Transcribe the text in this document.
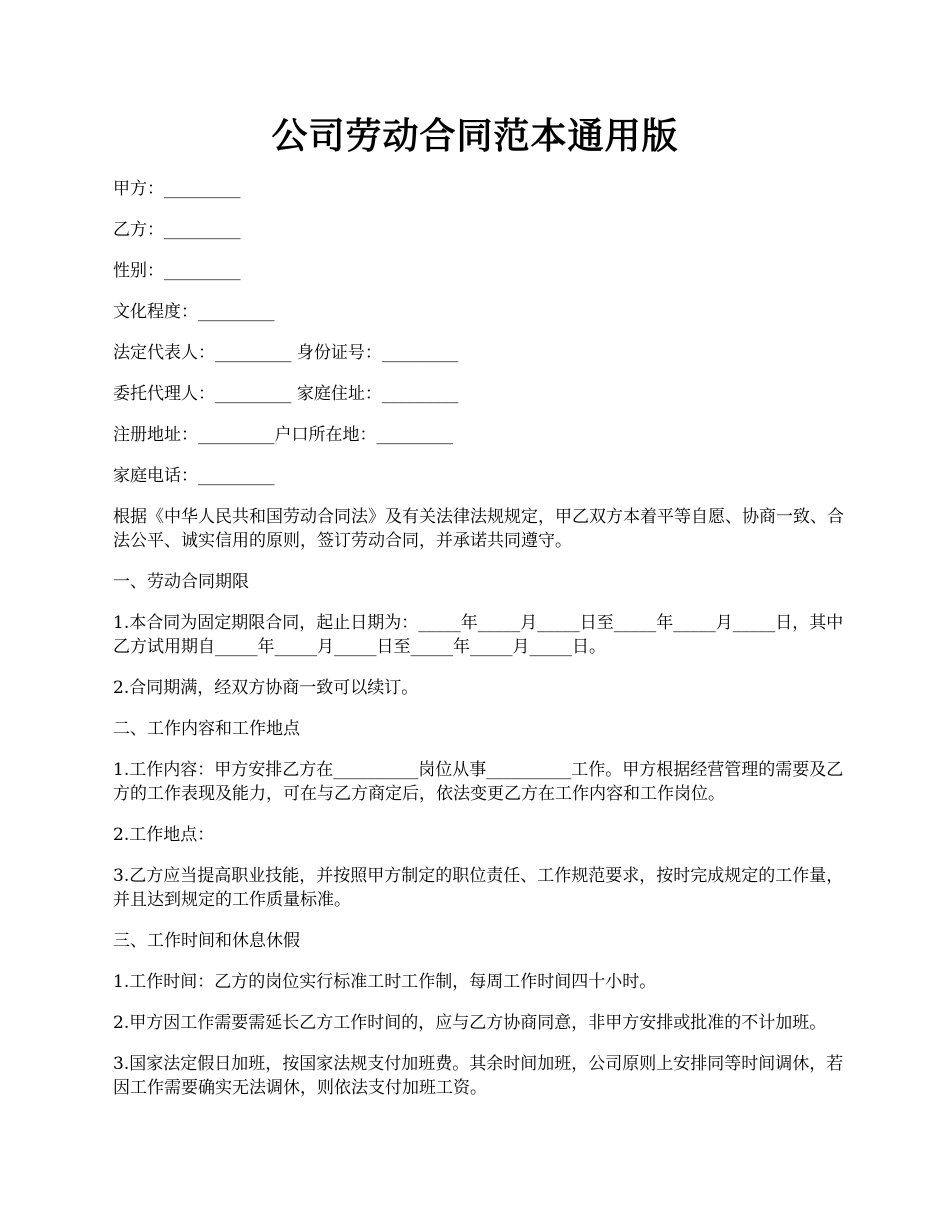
公司劳动合同范本通用版

甲方：_________

乙方：_________

性别：_________

文化程度：_________

法定代表人：_________ 身份证号：_________

委托代理人：_________ 家庭住址：_________

注册地址：_________户口所在地：_________

家庭电话：_________

根据《中华人民共和国劳动合同法》及有关法律法规规定，甲乙双方本着平等自愿、协商一致、合法公平、诚实信用的原则，签订劳动合同，并承诺共同遵守。

一、劳动合同期限

1.本合同为固定期限合同，起止日期为：_____年_____月_____日至_____年_____月_____日，其中乙方试用期自_____年_____月_____日至_____年_____月_____日。

2.合同期满，经双方协商一致可以续订。

二、工作内容和工作地点

1.工作内容：甲方安排乙方在__________岗位从事__________工作。甲方根据经营管理的需要及乙方的工作表现及能力，可在与乙方商定后，依法变更乙方在工作内容和工作岗位。

2.工作地点：

3.乙方应当提高职业技能，并按照甲方制定的职位责任、工作规范要求，按时完成规定的工作量，并且达到规定的工作质量标准。

三、工作时间和休息休假

1.工作时间：乙方的岗位实行标准工时工作制，每周工作时间四十小时。

2.甲方因工作需要需延长乙方工作时间的，应与乙方协商同意，非甲方安排或批准的不计加班。

3.国家法定假日加班，按国家法规支付加班费。其余时间加班，公司原则上安排同等时间调休，若因工作需要确实无法调休，则依法支付加班工资。
